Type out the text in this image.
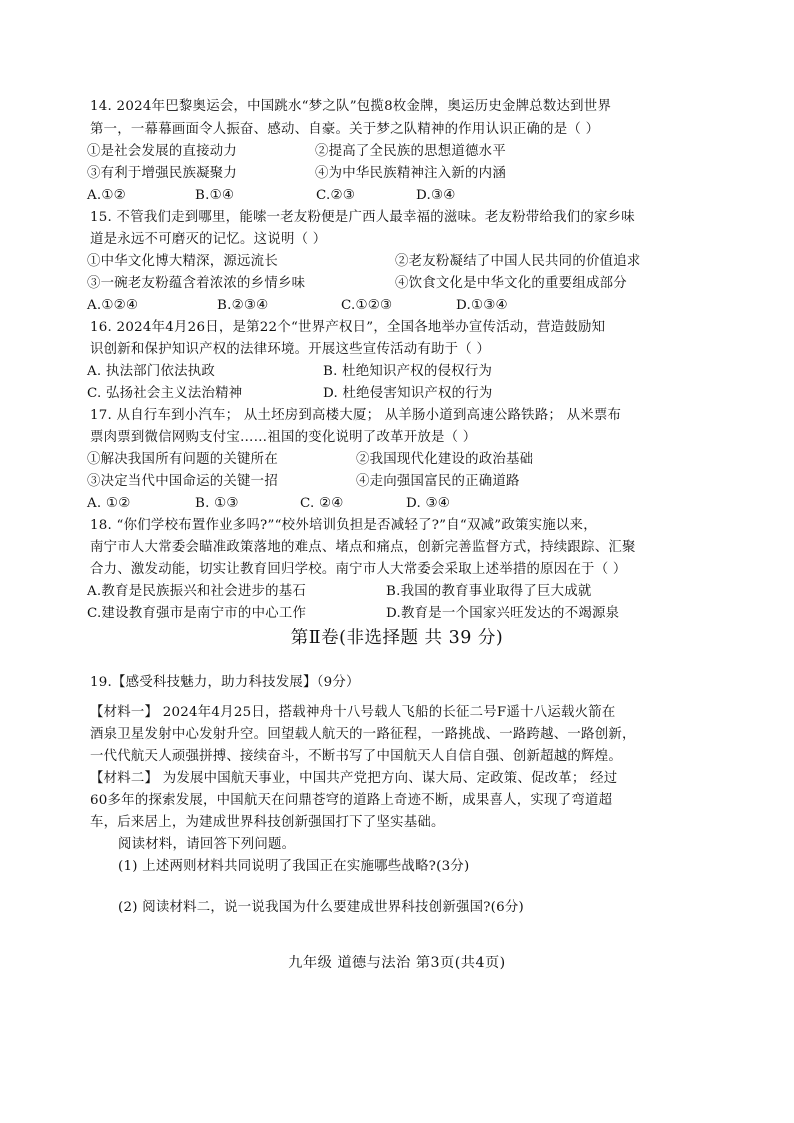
14. 2024年巴黎奥运会，中国跳水“梦之队”包揽8枚金牌，奥运历史金牌总数达到世界
第一，一幕幕画面令人振奋、感动、自豪。关于梦之队精神的作用认识正确的是（ ）
①是社会发展的直接动力	②提高了全民族的思想道德水平
③有利于增强民族凝聚力	④为中华民族精神注入新的内涵
A.①②	B.①④	C.②③	D.③④
15. 不管我们走到哪里，能嗦一老友粉便是广西人最幸福的滋味。老友粉带给我们的家乡味
道是永远不可磨灭的记忆。这说明（ ）
①中华文化博大精深，源远流长	②老友粉凝结了中国人民共同的价值追求
③一碗老友粉蕴含着浓浓的乡情乡味	④饮食文化是中华文化的重要组成部分
A.①②④	B.②③④	C.①②③	D.①③④
16. 2024年4月26日，是第22个“世界产权日”，全国各地举办宣传活动，营造鼓励知
识创新和保护知识产权的法律环境。开展这些宣传活动有助于（ ）
A. 执法部门依法执政	B. 杜绝知识产权的侵权行为
C. 弘扬社会主义法治精神	D. 杜绝侵害知识产权的行为
17. 从自行车到小汽车； 从土坯房到高楼大厦； 从羊肠小道到高速公路铁路； 从米票布
票肉票到微信网购支付宝……祖国的变化说明了改革开放是（ ）
①解决我国所有问题的关键所在	②我国现代化建设的政治基础
③决定当代中国命运的关键一招	④走向强国富民的正确道路
A. ①②	B. ①③	C. ②④	D. ③④
18. “你们学校布置作业多吗?”“校外培训负担是否减轻了?”自“双减”政策实施以来，
南宁市人大常委会瞄准政策落地的难点、堵点和痛点，创新完善监督方式，持续跟踪、汇聚
合力、激发动能，切实让教育回归学校。南宁市人大常委会采取上述举措的原因在于（ ）
A.教育是民族振兴和社会进步的基石	B.我国的教育事业取得了巨大成就
C.建设教育强市是南宁市的中心工作	D.教育是一个国家兴旺发达的不竭源泉
第Ⅱ卷(非选择题 共 39 分)
19.【感受科技魅力，助力科技发展】（9分）
【材料一】 2024年4月25日，搭载神舟十八号载人飞船的长征二号F遥十八运载火箭在
酒泉卫星发射中心发射升空。回望载人航天的一路征程，一路挑战、一路跨越、一路创新，
一代代航天人顽强拼搏、接续奋斗，不断书写了中国航天人自信自强、创新超越的辉煌。
【材料二】 为发展中国航天事业，中国共产党把方向、谋大局、定政策、促改革； 经过
60多年的探索发展，中国航天在问鼎苍穹的道路上奇迹不断，成果喜人，实现了弯道超
车，后来居上，为建成世界科技创新强国打下了坚实基础。
阅读材料，请回答下列问题。
(1) 上述两则材料共同说明了我国正在实施哪些战略?(3分)
(2) 阅读材料二，说一说我国为什么要建成世界科技创新强国?(6分)
九年级 道德与法治 第3页(共4页)
